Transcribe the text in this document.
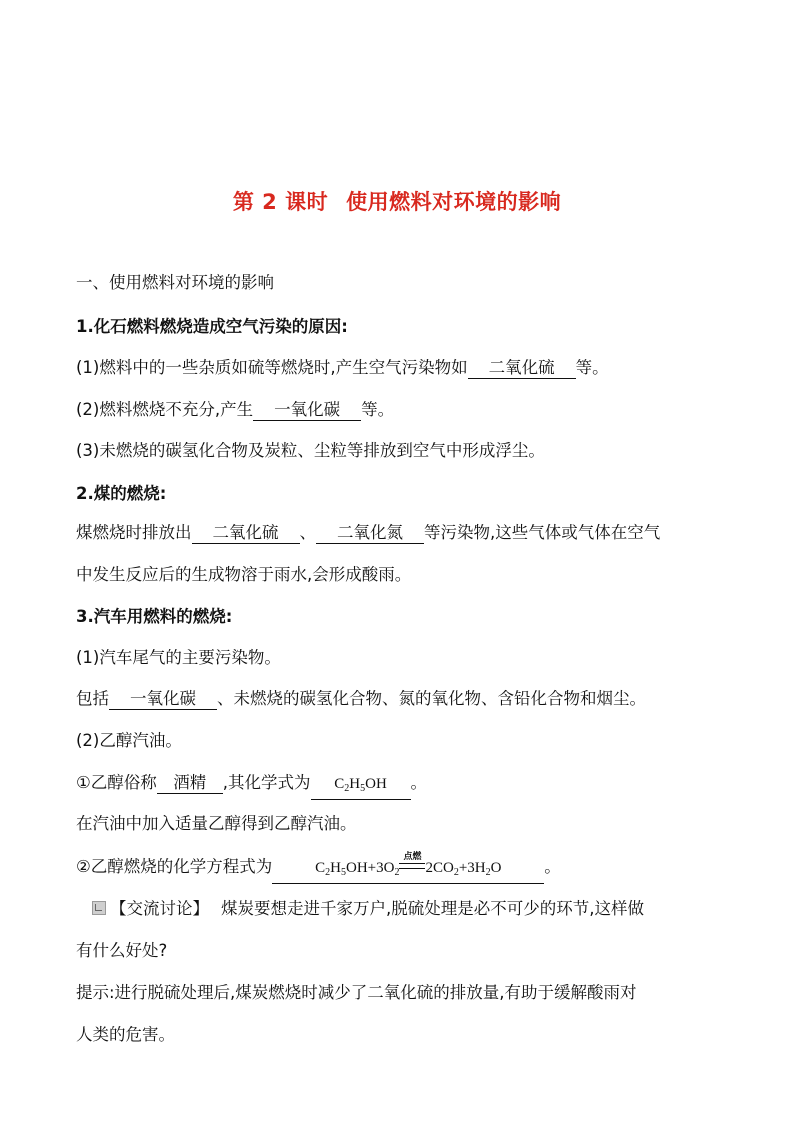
第 2 课时 使用燃料对环境的影响
一、使用燃料对环境的影响
1.化石燃料燃烧造成空气污染的原因:
(1)燃料中的一些杂质如硫等燃烧时,产生空气污染物如 二氧化硫 等。
(2)燃料燃烧不充分,产生 一氧化碳 等。
(3)未燃烧的碳氢化合物及炭粒、尘粒等排放到空气中形成浮尘。
2.煤的燃烧:
煤燃烧时排放出 二氧化硫 、 二氧化氮 等污染物,这些气体或气体在空气
中发生反应后的生成物溶于雨水,会形成酸雨。
3.汽车用燃料的燃烧:
(1)汽车尾气的主要污染物。
包括 一氧化碳 、未燃烧的碳氢化合物、氮的氧化物、含铅化合物和烟尘。
(2)乙醇汽油。
①乙醇俗称 酒精 ,其化学式为 $C_2H_5OH$ 。
在汽油中加入适量乙醇得到乙醇汽油。
②乙醇燃烧的化学方程式为	$C_2H_5OH+3O_2$
点燃
$2CO_2+3H_2O$	。
【交流讨论】 煤炭要想走进千家万户,脱硫处理是必不可少的环节,这样做
有什么好处?
提示:进行脱硫处理后,煤炭燃烧时减少了二氧化硫的排放量,有助于缓解酸雨对
人类的危害。
